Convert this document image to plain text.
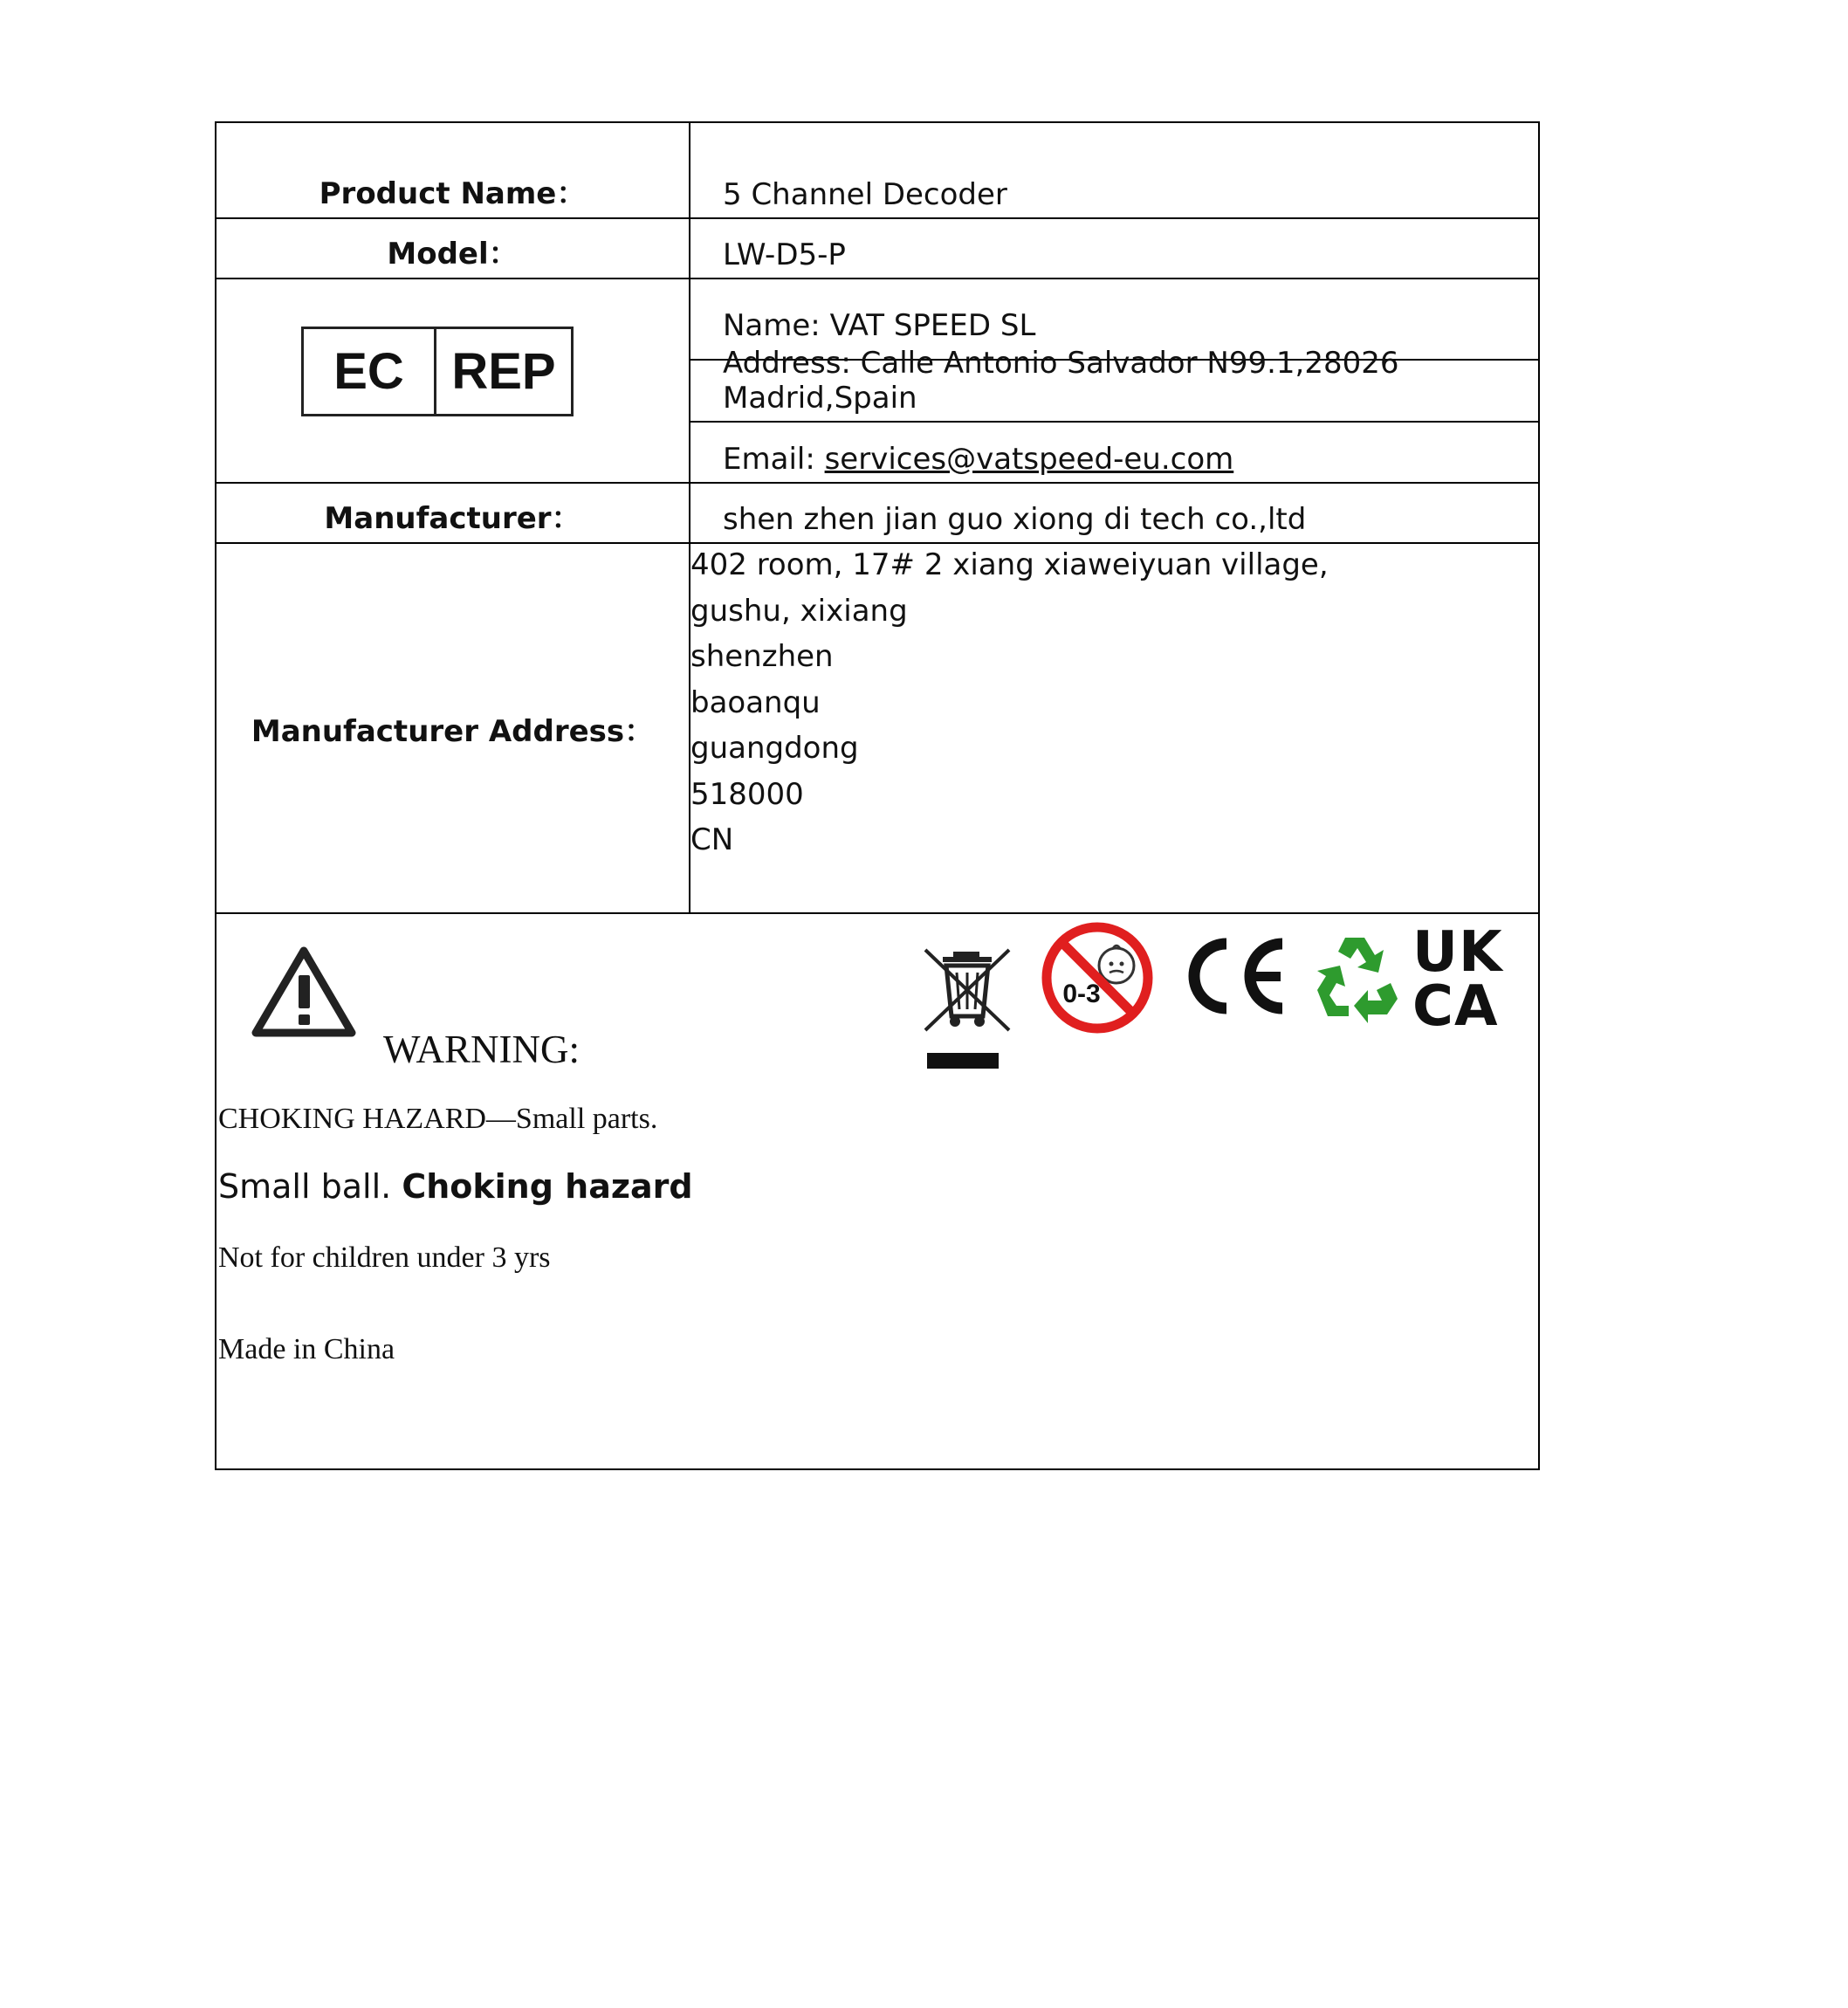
Product Name：	5 Channel Decoder
Model：	LW-D5-P
EC REP
Name: VAT SPEED SL
Address: Calle Antonio Salvador N99.1,28026 Madrid,Spain
Email: services@vatspeed-eu.com
Manufacturer：	shen zhen jian guo xiong di tech co.,ltd
Manufacturer Address：
402 room, 17# 2 xiang xiaweiyuan village,
gushu, xixiang
shenzhen
baoanqu
guangdong
518000
CN
WARNING:
CHOKING HAZARD—Small parts.
Small ball. Choking hazard
Not for children under 3 yrs
Made in China
0-3
UK
CA
